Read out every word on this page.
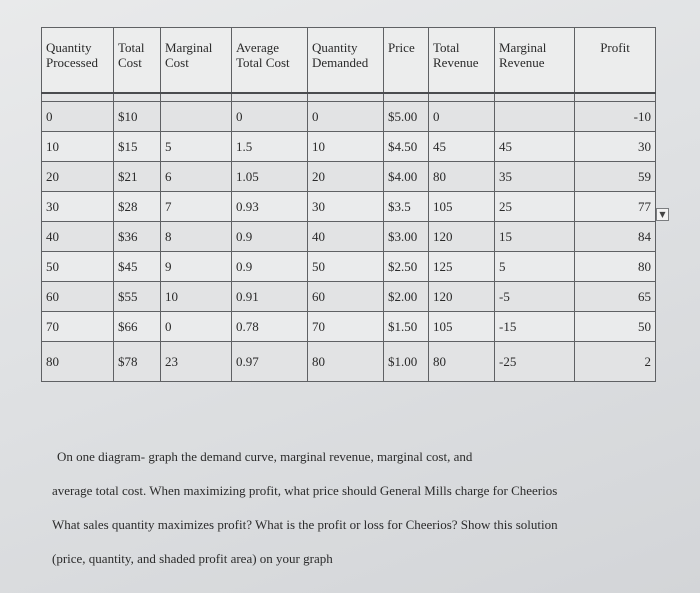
Quantity Processed	Total Cost	Marginal Cost	Average Total Cost	Quantity Demanded	Price	Total Revenue	Marginal Revenue	Profit

0	$10		0	0	$5.00	0		-10
10	$15	5	1.5	10	$4.50	45	45	30
20	$21	6	1.05	20	$4.00	80	35	59
30	$28	7	0.93	30	$3.5	105	25	77
40	$36	8	0.9	40	$3.00	120	15	84
50	$45	9	0.9	50	$2.50	125	5	80
60	$55	10	0.91	60	$2.00	120	-5	65
70	$66	0	0.78	70	$1.50	105	-15	50
80	$78	23	0.97	80	$1.00	80	-25	2
▼

On one diagram- graph the demand curve, marginal revenue, marginal cost, and

average total cost. When maximizing profit, what price should General Mills charge for Cheerios

What sales quantity maximizes profit? What is the profit or loss for Cheerios? Show this solution

(price, quantity, and shaded profit area) on your graph
